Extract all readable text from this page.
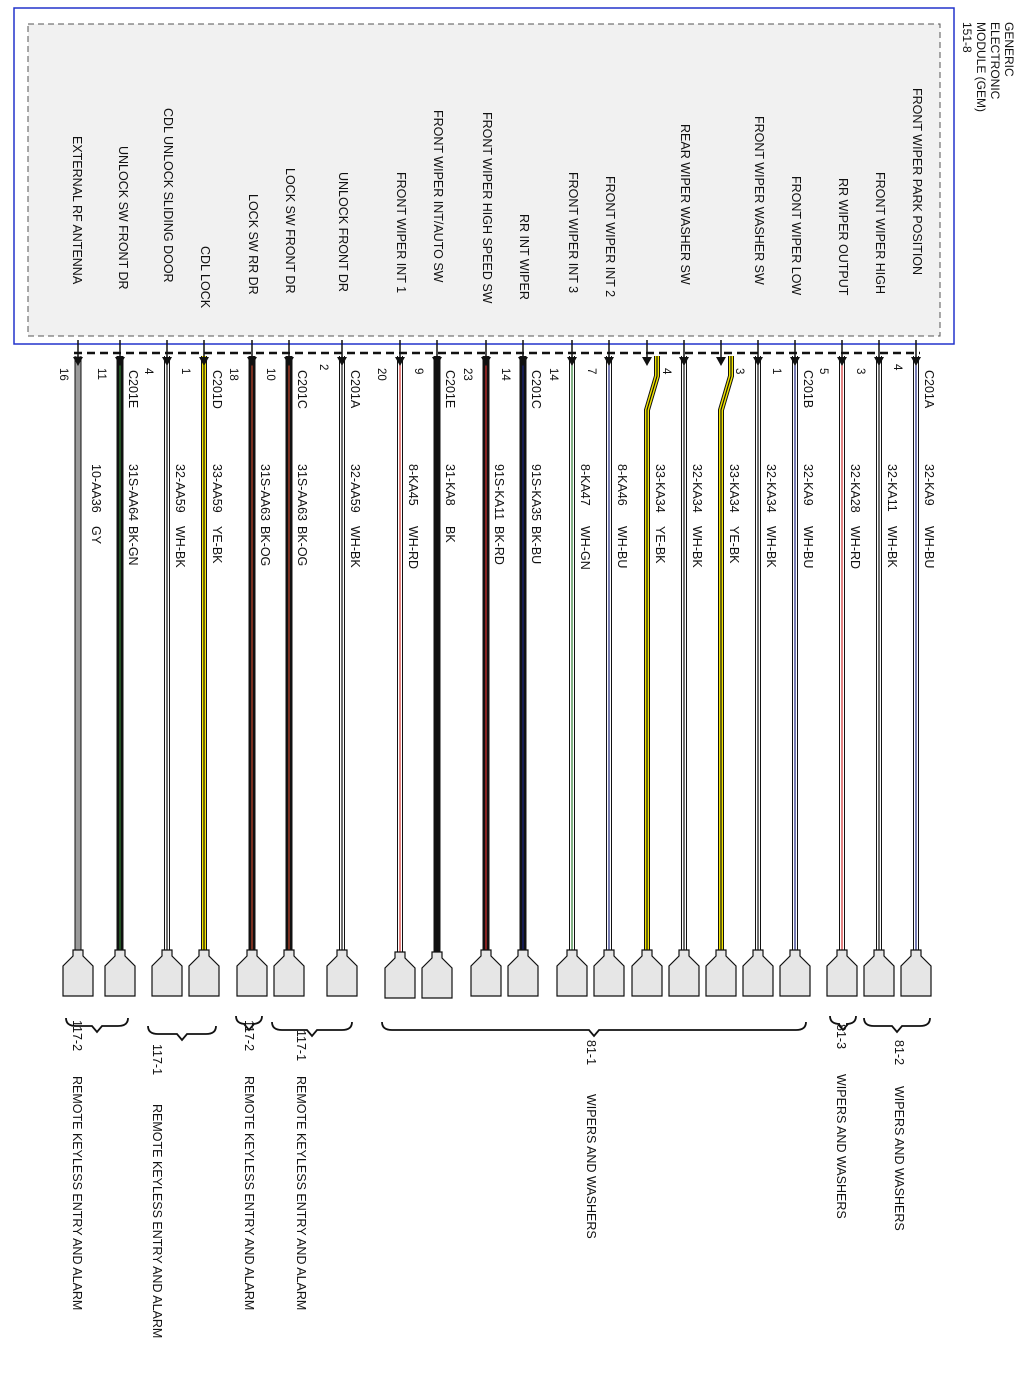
GENERIC
ELECTRONIC
MODULE (GEM)
151-8
FRONT WIPER PARK POSITION
FRONT WIPER HIGH
RR WIPER OUTPUT
FRONT WIPER LOW
FRONT WIPER WASHER SW
REAR WIPER WASHER SW
FRONT WIPER INT 2
FRONT WIPER INT 3
RR INT WIPER
FRONT WIPER HIGH SPEED SW
FRONT WIPER INT/AUTO SW
FRONT WIPER INT 1
UNLOCK FRONT DR
LOCK SW FRONT DR
LOCK SW RR DR
CDL LOCK
CDL UNLOCK SLIDING DOOR
UNLOCK SW FRONT DR
EXTERNAL RF ANTENNA
C201A
C201B
C201C
C201E
C201A
C201C
C201D
C201E
4
3
5
1
3
4
7
14
14
23
9
20
2
10
18
1
4
11
16
32-KA9
32-KA11
32-KA28
32-KA9
32-KA34
33-KA34
32-KA34
33-KA34
8-KA46
8-KA47
91S-KA35
91S-KA11
31-KA8
8-KA45
32-AA59
31S-AA63
31S-AA63
33-AA59
32-AA59
31S-AA64
10-AA36
WH-BU
WH-BK
WH-RD
WH-BU
WH-BK
YE-BK
WH-BK
YE-BK
WH-BU
WH-GN
BK-BU
BK-RD
BK
WH-RD
WH-BK
BK-OG
BK-OG
YE-BK
WH-BK
BK-GN
GY
81-2
WIPERS AND WASHERS
81-3
WIPERS AND WASHERS
81-1
WIPERS AND WASHERS
117-1
REMOTE KEYLESS ENTRY AND ALARM
117-2
REMOTE KEYLESS ENTRY AND ALARM
117-1
REMOTE KEYLESS ENTRY AND ALARM
117-2
REMOTE KEYLESS ENTRY AND ALARM
